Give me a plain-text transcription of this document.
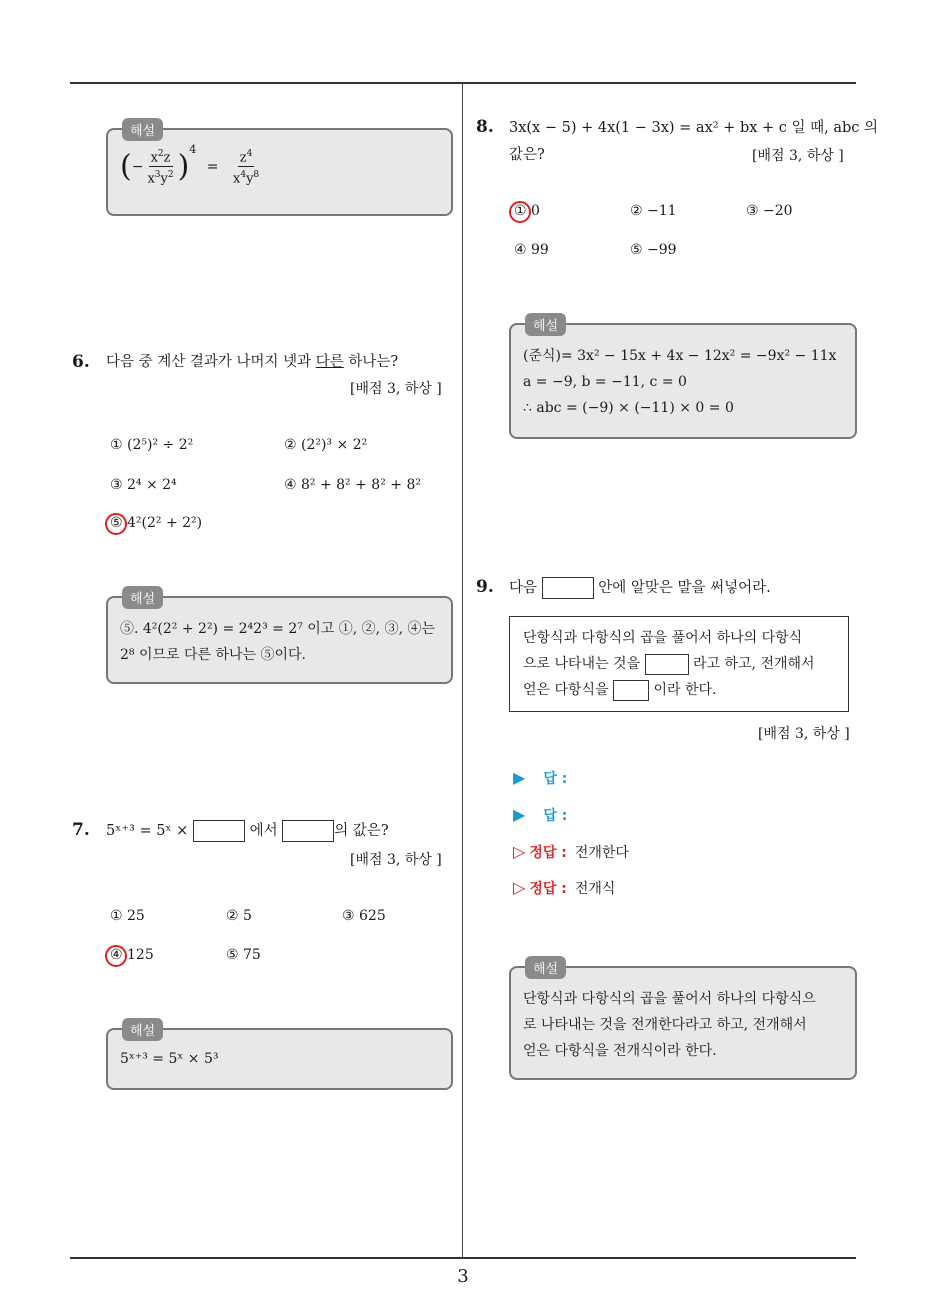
3
해설
(− $\frac{x^2z}{x^3y^2} )^4 = \frac{z^4}{x^4y^8}$
6. 다음 중 계산 결과가 나머지 넷과 다른 하나는?
[배점 3, 하상 ]
① (2⁵)² ÷ 2²	② (2²)³ × 2²
③ 2⁴ × 2⁴	④ 8² + 8² + 8² + 8²
⑤ 4²(2² + 2²)
해설
⑤. 4²(2² + 2²) = 2⁴2³ = 2⁷ 이고 ①, ②, ③, ④는
2⁸ 이므로 다른 하나는 ⑤이다.
7. 5ˣ⁺³ = 5ˣ ×	에서	의 값은?
[배점 3, 하상 ]
① 25	② 5	③ 625
④ 125	⑤ 75
해설
5ˣ⁺³ = 5ˣ × 5³
8. 3x(x − 5) + 4x(1 − 3x) = ax² + bx + c 일 때, abc 의
값은?	[배점 3, 하상 ]
① 0	② −11	③ −20
④ 99	⑤ −99
해설
(준식)= 3x² − 15x + 4x − 12x² = −9x² − 11x
a = −9, b = −11, c = 0
∴ abc = (−9) × (−11) × 0 = 0
9. 다음	안에 알맞은 말을 써넣어라.
단항식과 다항식의 곱을 풀어서 하나의 다항식
으로 나타내는 것을	라고 하고, 전개해서
얻은 다항식을	이라 한다.
[배점 3, 하상 ]
▶ 답 :
▶ 답 :
▷ 정답 : 전개한다
▷ 정답 : 전개식
해설
단항식과 다항식의 곱을 풀어서 하나의 다항식으
로 나타내는 것을 전개한다라고 하고, 전개해서
얻은 다항식을 전개식이라 한다.
